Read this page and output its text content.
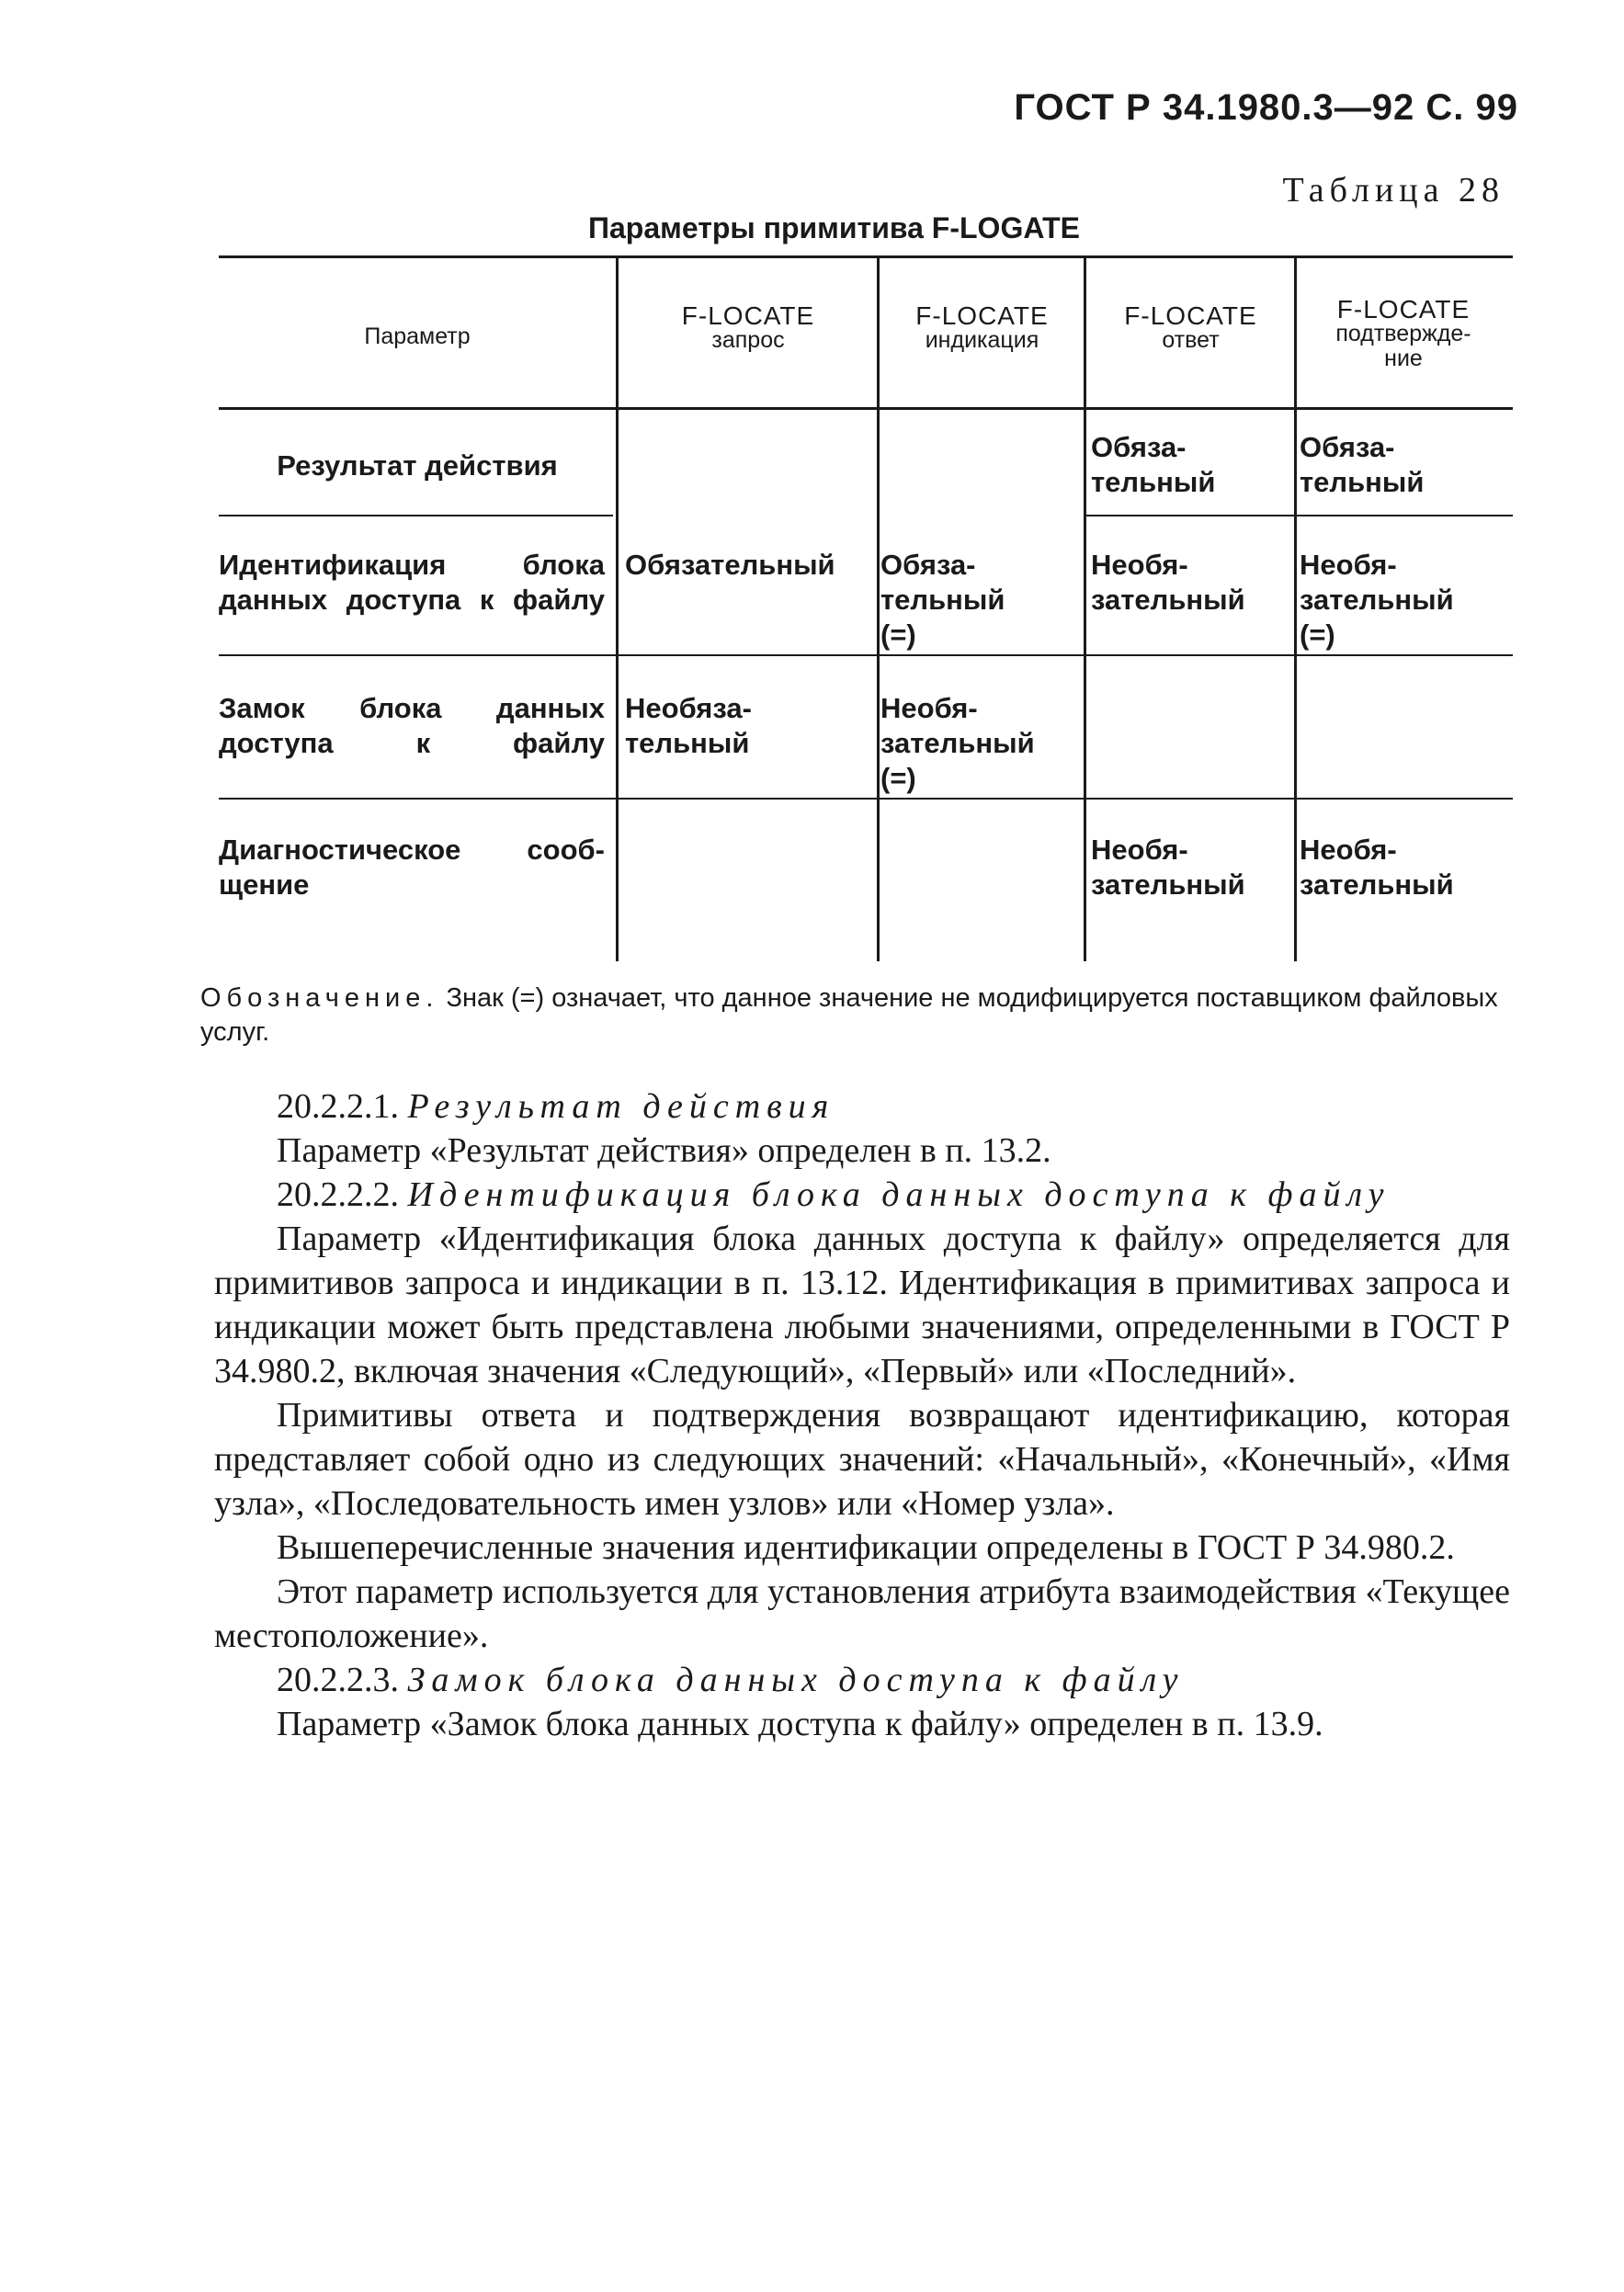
ГОСТ Р 34.1980.3—92 С. 99
Таблица 28
Параметры примитива F-LOGATE
Параметр
F-LOCATE
запрос
F-LOCATE
индикация
F-LOCATE
ответ
F-LOCATE
подтвержде-ние
Результат действия
Обяза-тельный
Обяза-тельный
Идентификация блока данных доступа к файлу
Обязательный	Обяза-тельный (=)
Необя-зательный
Необя-зательный (=)
Замок блока данных доступа к файлу
Необяза-тельный
Необя-зательный (=)
Диагностическое сооб-щение
Необя-зательный
Необя-зательный
Обозначение. Знак (=) означает, что данное значение не модифицируется поставщиком файловых услуг.

20.2.2.1. Результат действия

Параметр «Результат действия» определен в п. 13.2.

20.2.2.2. Идентификация блока данных доступа к файлу

Параметр «Идентификация блока данных доступа к файлу» определяется для примитивов запроса и индикации в п. 13.12. Идентификация в примитивах запроса и индикации может быть представлена любыми значениями, определенными в ГОСТ Р 34.980.2, включая значения «Следующий», «Первый» или «Последний».

Примитивы ответа и подтверждения возвращают идентификацию, которая представляет собой одно из следующих значений: «Начальный», «Конечный», «Имя узла», «Последовательность имен узлов» или «Номер узла».

Вышеперечисленные значения идентификации определены в ГОСТ Р 34.980.2.

Этот параметр используется для установления атрибута взаимодействия «Текущее местоположение».

20.2.2.3. Замок блока данных доступа к файлу

Параметр «Замок блока данных доступа к файлу» определен в п. 13.9.
